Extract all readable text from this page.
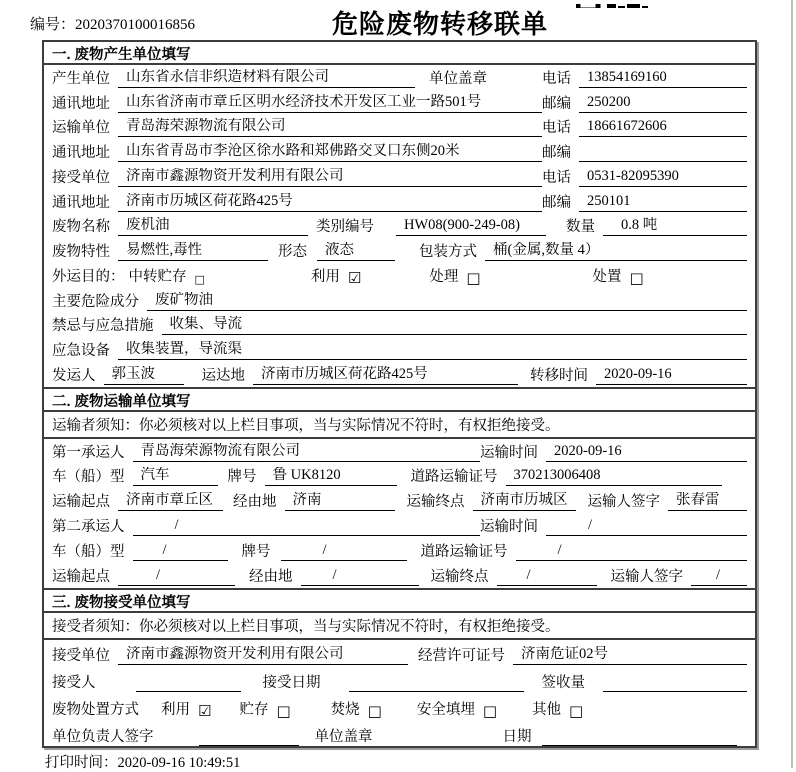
编号：2020370100016856	危险废物转移联单
一. 废物产生单位填写
产生单位	山东省永信非织造材料有限公司	单位盖章	电话	13854169160
通讯地址	山东省济南市章丘区明水经济技术开发区工业一路501号	邮编	250200
运输单位	青岛海荣源物流有限公司	电话	18661672606
通讯地址	山东省青岛市李沧区徐水路和郑佛路交叉口东侧20米	邮编
接受单位	济南市鑫源物资开发利用有限公司	电话	0531-82095390
通讯地址	济南市历城区荷花路425号	邮编	250101
废物名称	废机油	类别编号	HW08(900-249-08)	数量	0.8 吨
废物特性	易燃性,毒性	形态	液态	包装方式	桶(金属,数量 4）
外运目的： 中转贮存 □	利用 ☑	处理 □	处置 □
主要危险成分	废矿物油
禁忌与应急措施	收集、导流
应急设备	收集装置，导流渠
发运人	郭玉波	运达地	济南市历城区荷花路425号	转移时间	2020-09-16
二. 废物运输单位填写
运输者须知：你必须核对以上栏目事项，当与实际情况不符时，有权拒绝接受。
第一承运人	青岛海荣源物流有限公司	运输时间	2020-09-16
车（船）型	汽车	牌号	鲁 UK8120	道路运输证号	370213006408
运输起点	济南市章丘区	经由地	济南	运输终点	济南市历城区	运输人签字	张春雷
第二承运人	/	运输时间	/
车（船）型	/	牌号	/	道路运输证号	/
运输起点	/	经由地	/	运输终点	/	运输人签字	/
三. 废物接受单位填写
接受者须知：你必须核对以上栏目事项，当与实际情况不符时，有权拒绝接受。
接受单位	济南市鑫源物资开发利用有限公司	经营许可证号	济南危证02号
接受人	接受日期	签收量
废物处置方式 利用 ☑ 贮存 □	焚烧 □ 安全填埋 □ 其他 □
单位负责人签字	单位盖章	日期
打印时间：2020-09-16 10:49:51
